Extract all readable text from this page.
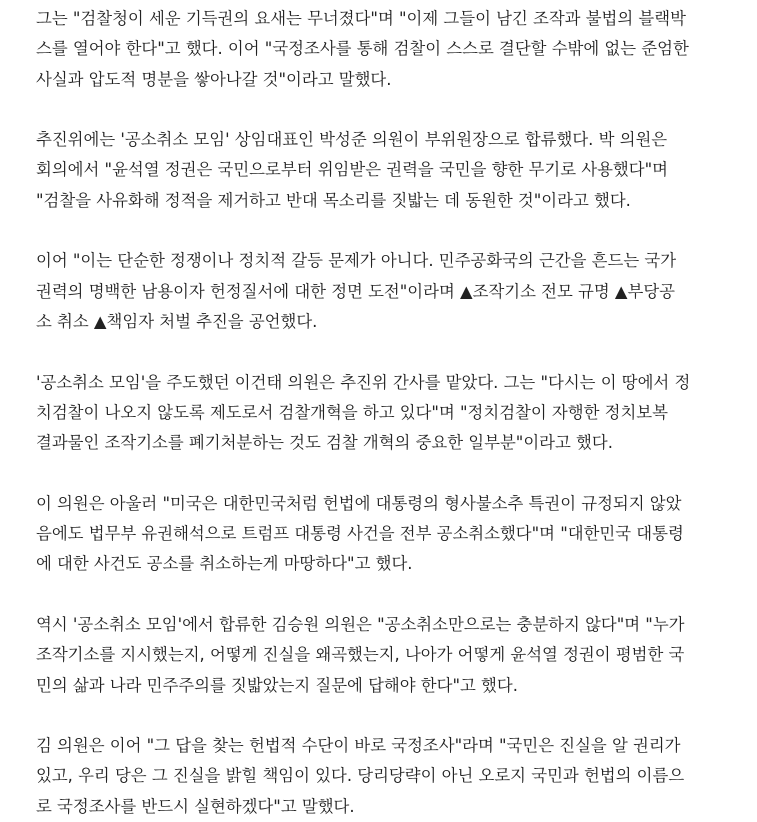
그는 "검찰청이 세운 기득권의 요새는 무너졌다"며 "이제 그들이 남긴 조작과 불법의 블랙박
스를 열어야 한다"고 했다. 이어 "국정조사를 통해 검찰이 스스로 결단할 수밖에 없는 준엄한
사실과 압도적 명분을 쌓아나갈 것"이라고 말했다.

추진위에는 '공소취소 모임' 상임대표인 박성준 의원이 부위원장으로 합류했다. 박 의원은
회의에서 "윤석열 정권은 국민으로부터 위임받은 권력을 국민을 향한 무기로 사용했다"며
"검찰을 사유화해 정적을 제거하고 반대 목소리를 짓밟는 데 동원한 것"이라고 했다.

이어 "이는 단순한 정쟁이나 정치적 갈등 문제가 아니다. 민주공화국의 근간을 흔드는 국가
권력의 명백한 남용이자 헌정질서에 대한 정면 도전"이라며 ▲조작기소 전모 규명 ▲부당공
소 취소 ▲책임자 처벌 추진을 공언했다.

'공소취소 모임'을 주도했던 이건태 의원은 추진위 간사를 맡았다. 그는 "다시는 이 땅에서 정
치검찰이 나오지 않도록 제도로서 검찰개혁을 하고 있다"며 "정치검찰이 자행한 정치보복
결과물인 조작기소를 폐기처분하는 것도 검찰 개혁의 중요한 일부분"이라고 했다.

이 의원은 아울러 "미국은 대한민국처럼 헌법에 대통령의 형사불소추 특권이 규정되지 않았
음에도 법무부 유권해석으로 트럼프 대통령 사건을 전부 공소취소했다"며 "대한민국 대통령
에 대한 사건도 공소를 취소하는게 마땅하다"고 했다.

역시 '공소취소 모임'에서 합류한 김승원 의원은 "공소취소만으로는 충분하지 않다"며 "누가
조작기소를 지시했는지, 어떻게 진실을 왜곡했는지, 나아가 어떻게 윤석열 정권이 평범한 국
민의 삶과 나라 민주주의를 짓밟았는지 질문에 답해야 한다"고 했다.

김 의원은 이어 "그 답을 찾는 헌법적 수단이 바로 국정조사"라며 "국민은 진실을 알 권리가
있고, 우리 당은 그 진실을 밝힐 책임이 있다. 당리당략이 아닌 오로지 국민과 헌법의 이름으
로 국정조사를 반드시 실현하겠다"고 말했다.
